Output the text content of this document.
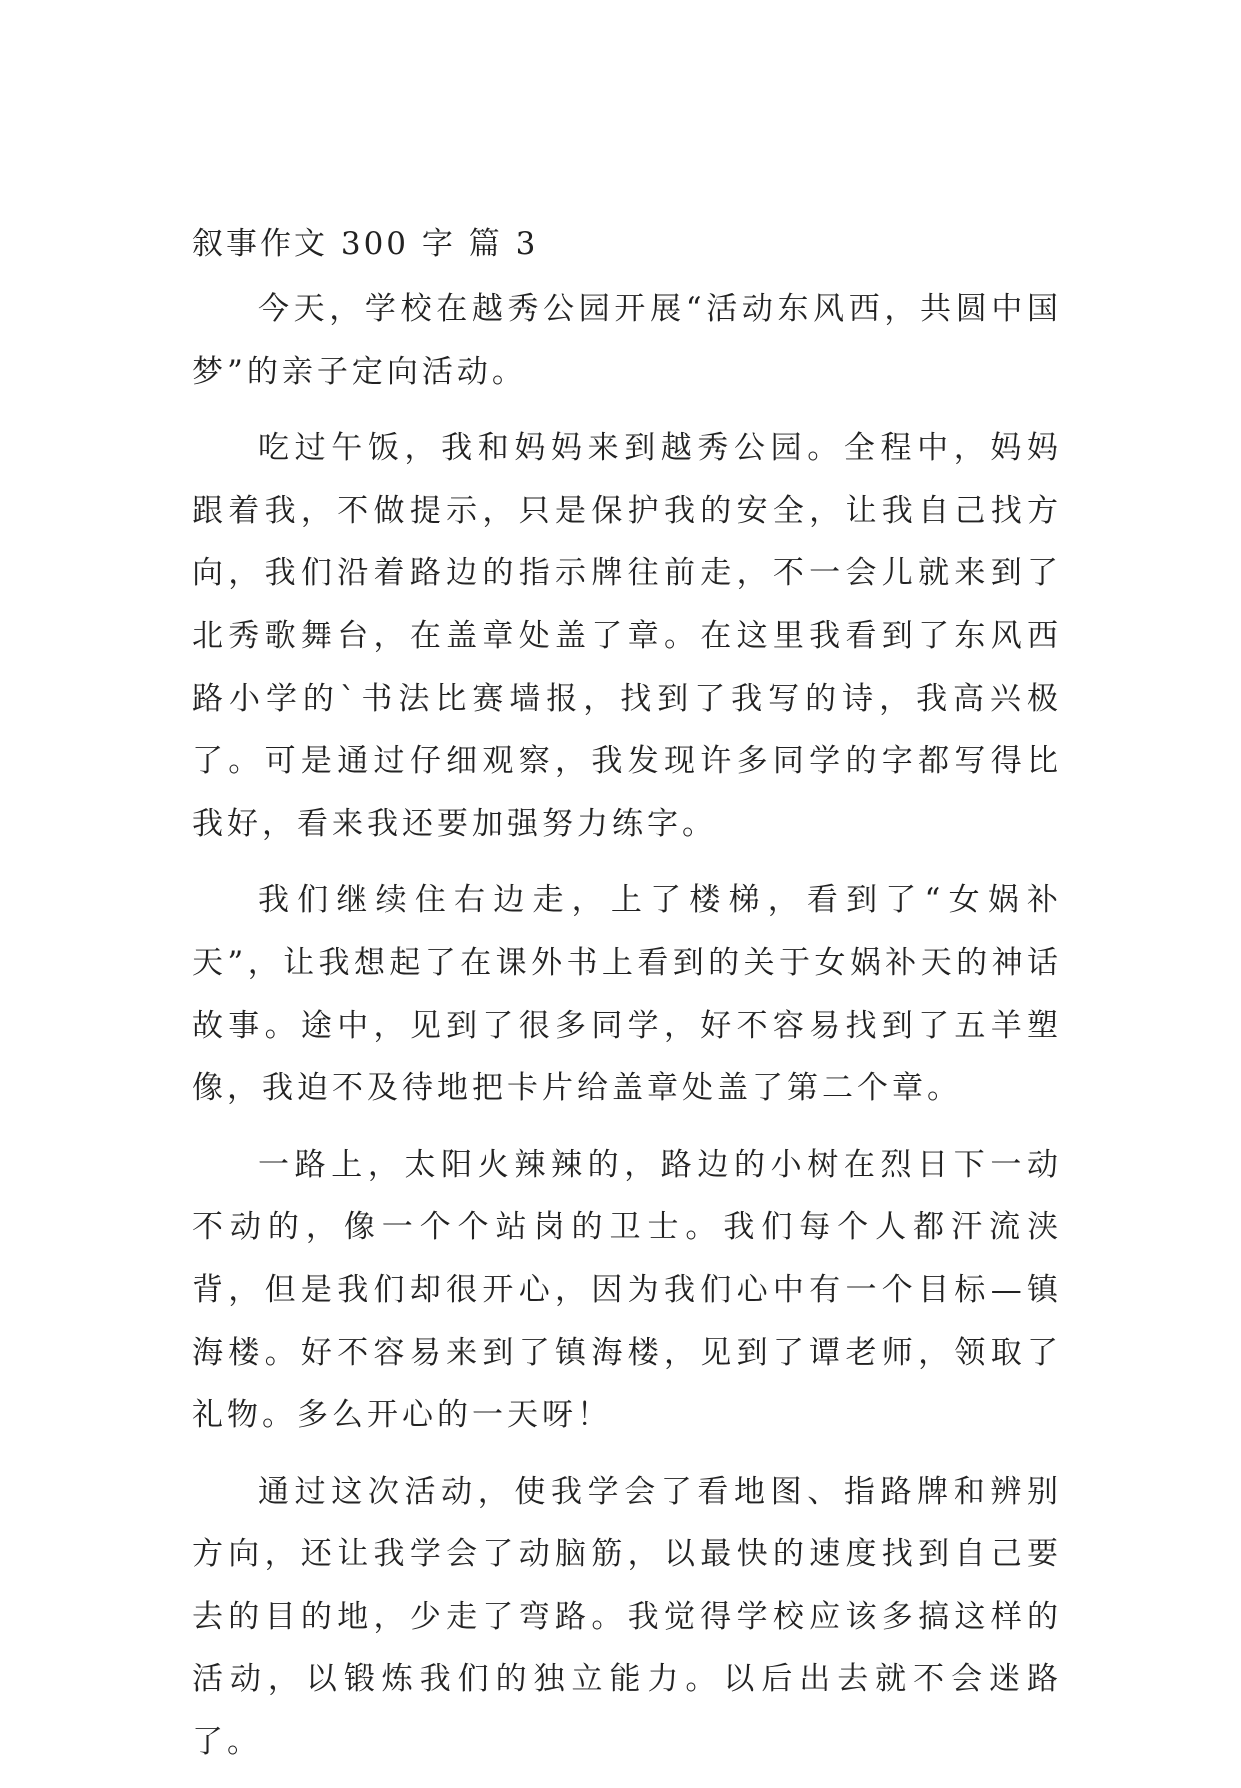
叙事作文 300 字 篇 3

今天，学校在越秀公园开展“活动东风西，共圆中国梦”的亲子定向活动。

吃过午饭，我和妈妈来到越秀公园。全程中，妈妈跟着我，不做提示，只是保护我的安全，让我自己找方向，我们沿着路边的指示牌往前走，不一会儿就来到了北秀歌舞台，在盖章处盖了章。在这里我看到了东风西路小学的`书法比赛墙报，找到了我写的诗，我高兴极了。可是通过仔细观察，我发现许多同学的字都写得比我好，看来我还要加强努力练字。

我们继续住右边走，上了楼梯，看到了“女娲补天”，让我想起了在课外书上看到的关于女娲补天的神话故事。途中，见到了很多同学，好不容易找到了五羊塑像，我迫不及待地把卡片给盖章处盖了第二个章。

一路上，太阳火辣辣的，路边的小树在烈日下一动不动的，像一个个站岗的卫士。我们每个人都汗流浃背，但是我们却很开心，因为我们心中有一个目标—镇海楼。好不容易来到了镇海楼，见到了谭老师，领取了礼物。多么开心的一天呀！

通过这次活动，使我学会了看地图、指路牌和辨别方向，还让我学会了动脑筋，以最快的速度找到自己要去的目的地，少走了弯路。我觉得学校应该多搞这样的活动，以锻炼我们的独立能力。以后出去就不会迷路了。
